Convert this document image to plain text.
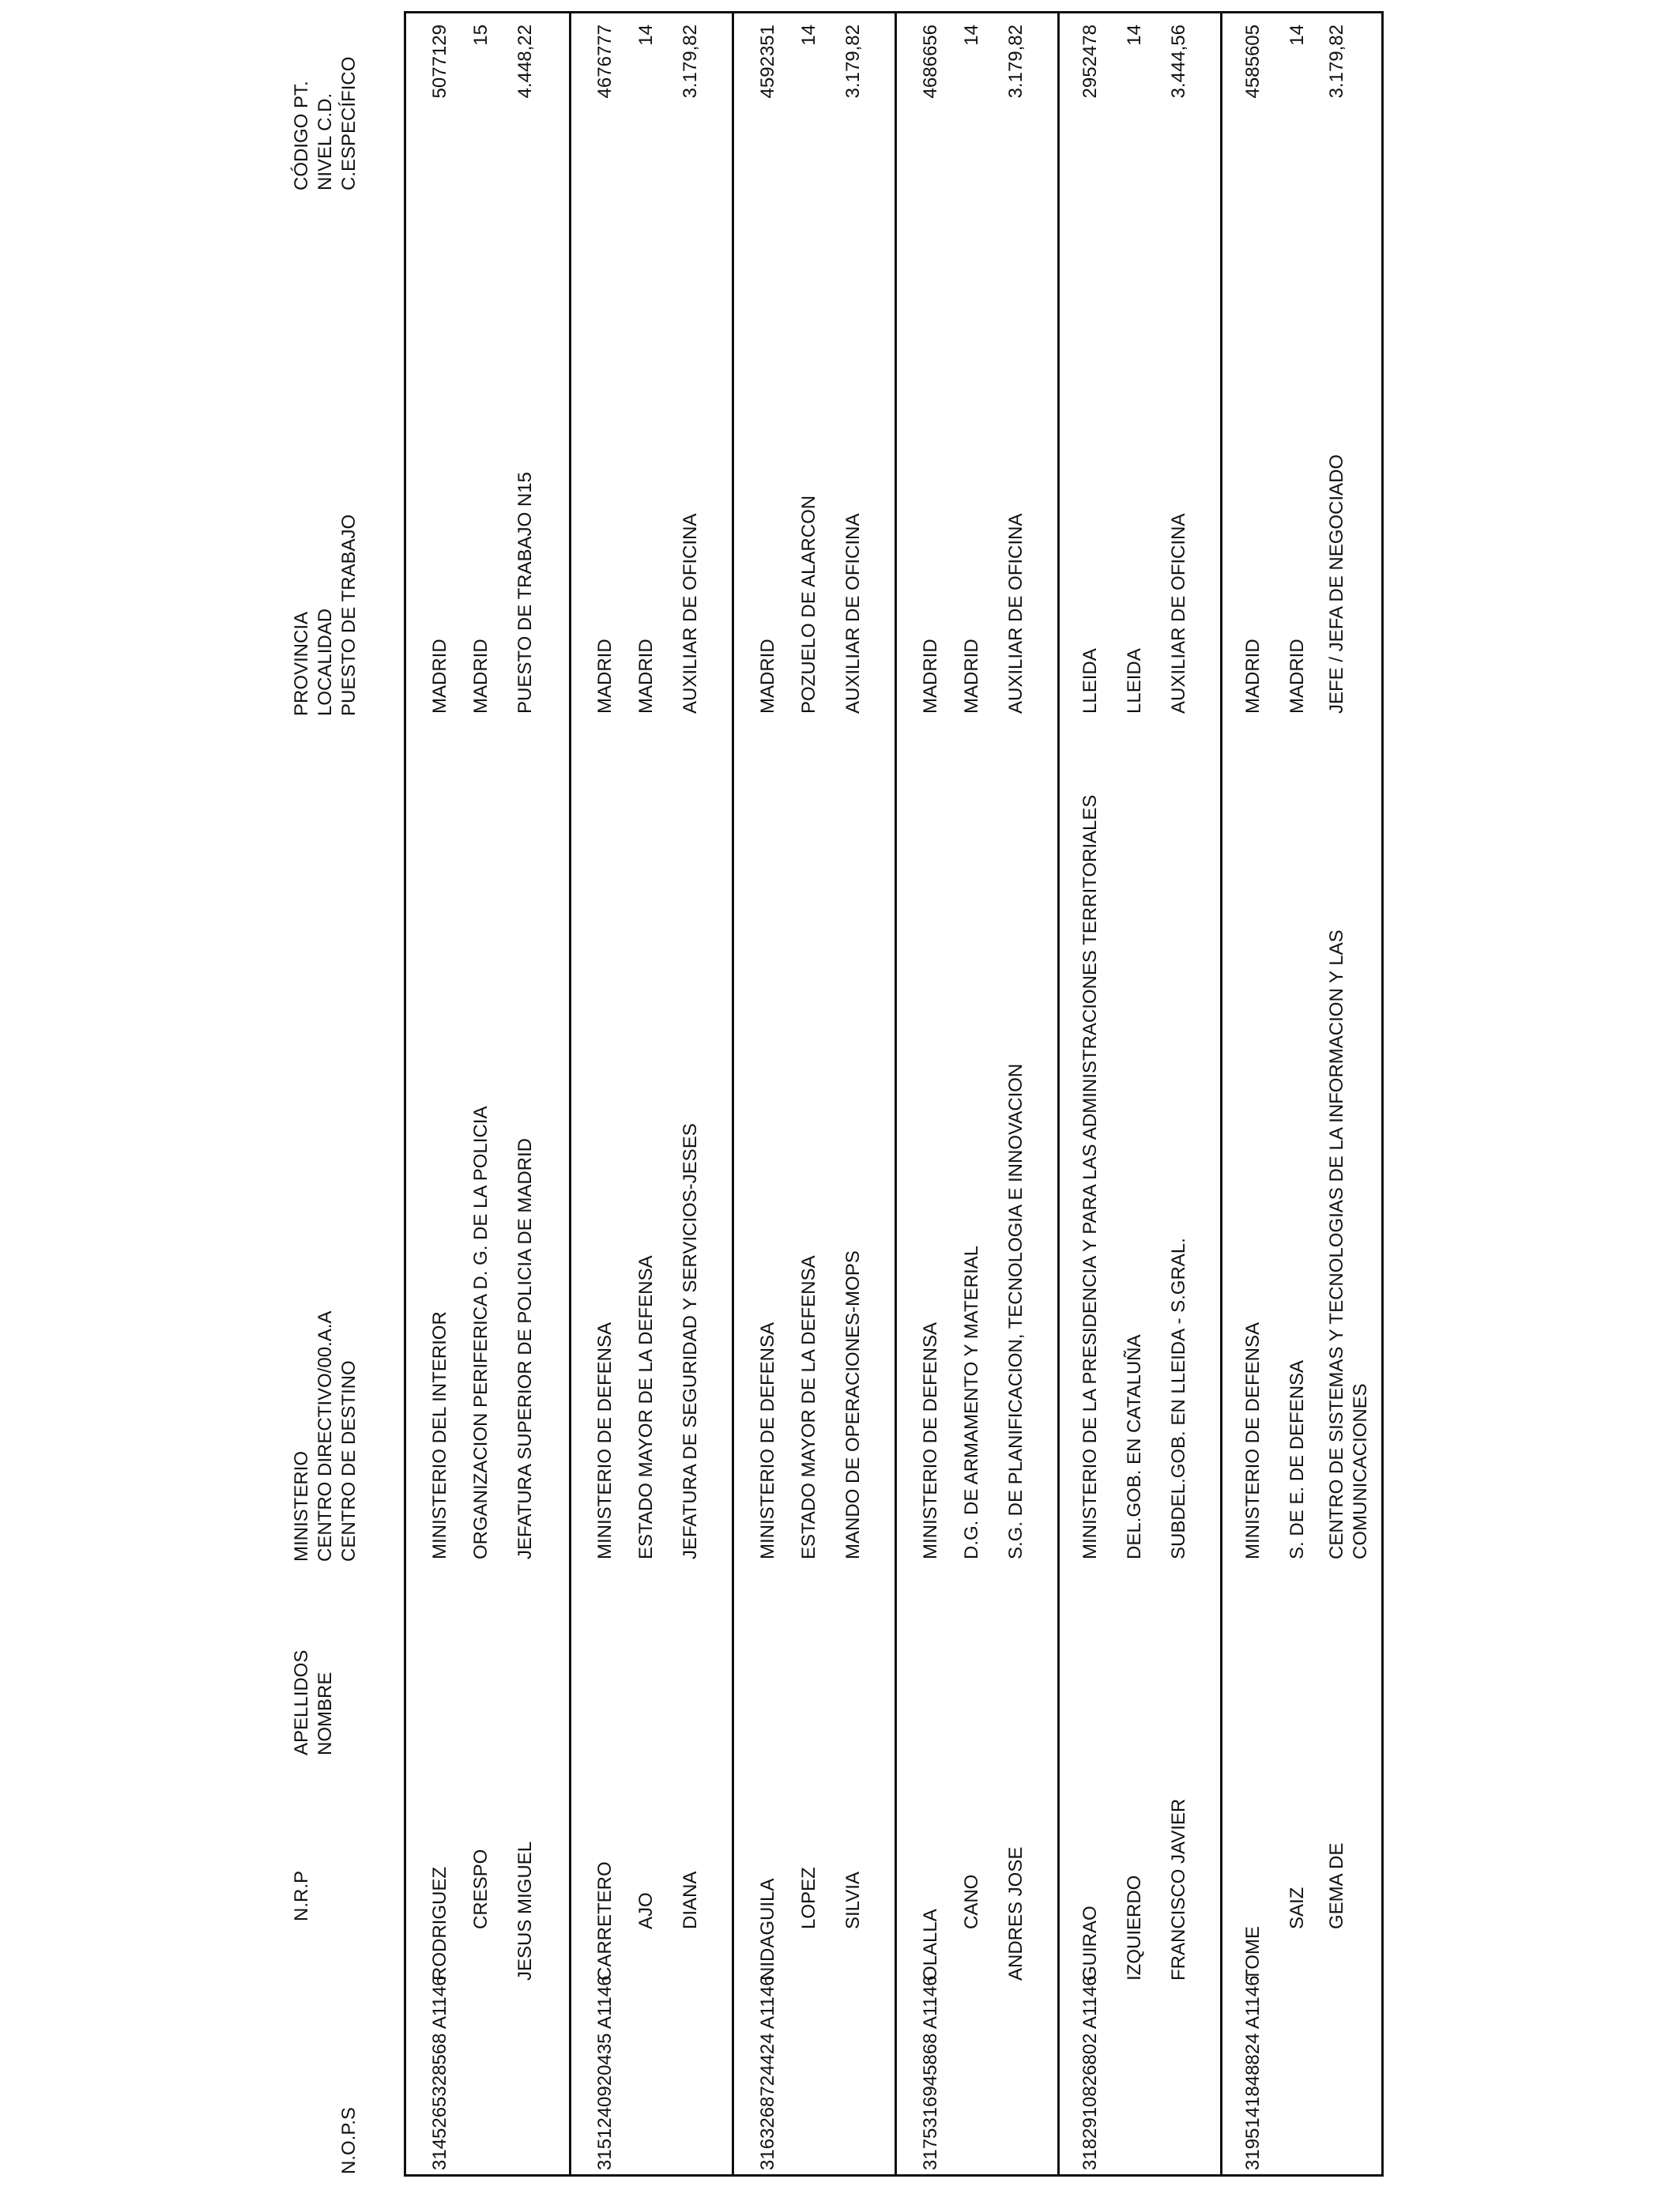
N.O.P.S
N.R.P
APELLIDOS NOMBRE
MINISTERIO CENTRO DIRECTIVO/00.A.A CENTRO DE DESTINO
PROVINCIA LOCALIDAD PUESTO DE TRABAJO
CÓDIGO PT. NIVEL C.D. C.ESPECÍFICO
314
5265328568 A1146
RODRIGUEZ CRESPO JESUS MIGUEL
MINISTERIO DEL INTERIOR ORGANIZACION PERIFERICA D. G. DE LA POLICIA JEFATURA SUPERIOR DE POLICIA DE MADRID
MADRID MADRID PUESTO DE TRABAJO N15
5077129 15 4.448,22
315
1240920435 A1146
CARRETERO AJO DIANA
MINISTERIO DE DEFENSA ESTADO MAYOR DE LA DEFENSA JEFATURA DE SEGURIDAD Y SERVICIOS-JESES
MADRID MADRID AUXILIAR DE OFICINA
4676777 14 3.179,82
316
3268724424 A1146
NIDAGUILA LOPEZ SILVIA
MINISTERIO DE DEFENSA ESTADO MAYOR DE LA DEFENSA MANDO DE OPERACIONES-MOPS
MADRID POZUELO DE ALARCON AUXILIAR DE OFICINA
4592351 14 3.179,82
317
5316945868 A1146
OLALLA
CANO ANDRES JOSE
MINISTERIO DE DEFENSA D.G. DE ARMAMENTO Y MATERIAL S.G. DE PLANIFICACION, TECNOLOGIA E INNOVACION
MADRID MADRID AUXILIAR DE OFICINA
4686656 14 3.179,82
318
2910826802 A1146
GUIRAO IZQUIERDO FRANCISCO JAVIER
MINISTERIO DE LA PRESIDENCIA Y PARA LAS ADMINISTRACIONES TERRITORIALES DEL.GOB. EN CATALUÑA SUBDEL.GOB. EN LLEIDA - S.GRAL.
LLEIDA LLEIDA AUXILIAR DE OFICINA
2952478 14 3.444,56
319
5141848824 A1146
TOME
SAIZ GEMA DE
MINISTERIO DE DEFENSA S. DE E. DE DEFENSA CENTRO DE SISTEMAS Y TECNOLOGIAS DE LA INFORMACION Y LAS COMUNICACIONES
MADRID MADRID JEFE / JEFA DE NEGOCIADO
4585605 14 3.179,82
